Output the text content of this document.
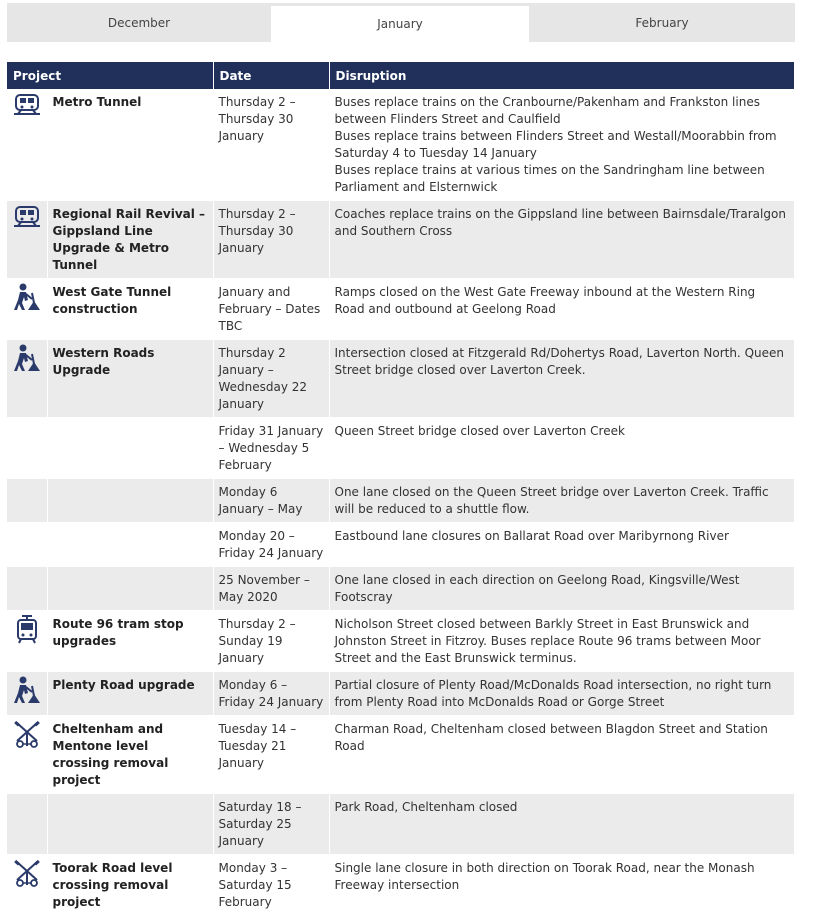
December	January	February
Project		Date	Disruption

	Metro Tunnel	Thursday 2 – Thursday 30 January	Buses replace trains on the Cranbourne/Pakenham and Frankston lines between Flinders Street and Caulfield
Buses replace trains between Flinders Street and Westall/Moorabbin from Saturday 4 to Tuesday 14 January
Buses replace trains at various times on the Sandringham line between Parliament and Elsternwick

	Regional Rail Revival – Gippsland Line Upgrade & Metro Tunnel	Thursday 2 – Thursday 30 January	Coaches replace trains on the Gippsland line between Bairnsdale/Traralgon and Southern Cross

	West Gate Tunnel construction	January and February – Dates TBC	Ramps closed on the West Gate Freeway inbound at the Western Ring Road and outbound at Geelong Road

	Western Roads Upgrade	Thursday 2 January – Wednesday 22 January	Intersection closed at Fitzgerald Rd/Dohertys Road, Laverton North. Queen Street bridge closed over Laverton Creek.

		Friday 31 January – Wednesday 5 February	Queen Street bridge closed over Laverton Creek

		Monday 6 January – May	One lane closed on the Queen Street bridge over Laverton Creek. Traffic will be reduced to a shuttle flow.

		Monday 20 – Friday 24 January	Eastbound lane closures on Ballarat Road over Maribyrnong River

		25 November – May 2020	One lane closed in each direction on Geelong Road, Kingsville/West Footscray

	Route 96 tram stop upgrades	Thursday 2 – Sunday 19 January	Nicholson Street closed between Barkly Street in East Brunswick and Johnston Street in Fitzroy. Buses replace Route 96 trams between Moor Street and the East Brunswick terminus.

	Plenty Road upgrade	Monday 6 – Friday 24 January	Partial closure of Plenty Road/McDonalds Road intersection, no right turn from Plenty Road into McDonalds Road or Gorge Street

	Cheltenham and Mentone level crossing removal project	Tuesday 14 – Tuesday 21 January	Charman Road, Cheltenham closed between Blagdon Street and Station Road

		Saturday 18 – Saturday 25 January	Park Road, Cheltenham closed

	Toorak Road level crossing removal project	Monday 3 – Saturday 15 February	Single lane closure in both direction on Toorak Road, near the Monash Freeway intersection
